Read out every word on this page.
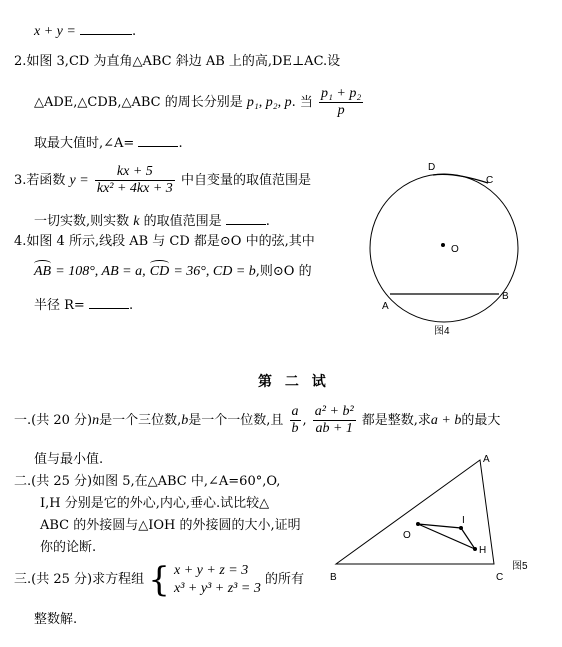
x + y =	.
2.如图 3,CD 为直角△ABC 斜边 AB 上的高,DE⊥AC.设
△ADE,△CDB,△ABC 的周长分别是 p₁, p₂, p. 当 $\frac{\text{p₁ + p₂}}{p}$
取最大值时,∠A=	.
3.若函数 $y = \frac{kx + 5}{\text{kx² + 4kx + 3}}$ 中自变量的取值范围是
一切实数,则实数 k 的取值范围是	.
4.如图 4 所示,线段 AB 与 CD 都是⊙O 中的弦,其中
AB = 108°, AB = a, CD = 36°, CD = b,则⊙O 的
半径 R=	.
D
C
O
A
B
图4
第 二 试
一.(共 20 分)n是一个三位数,b是一个一位数,且 $\frac{a}{b}$ , $\frac{\text{a² + b²}}{ab + 1}$ 都是整数,求a + b的最大
值与最小值.
二.(共 25 分)如图 5,在△ABC 中,∠A=60°,O,
I,H 分别是它的外心,内心,垂心.试比较△
ABC 的外接圆与△IOH 的外接圆的大小,证明
你的论断.
三.(共 25 分)求方程组 { x + y + z = 3
x³ + y³ + z³ = 3
的所有
整数解.
A
B	C
O
I
H
图5
